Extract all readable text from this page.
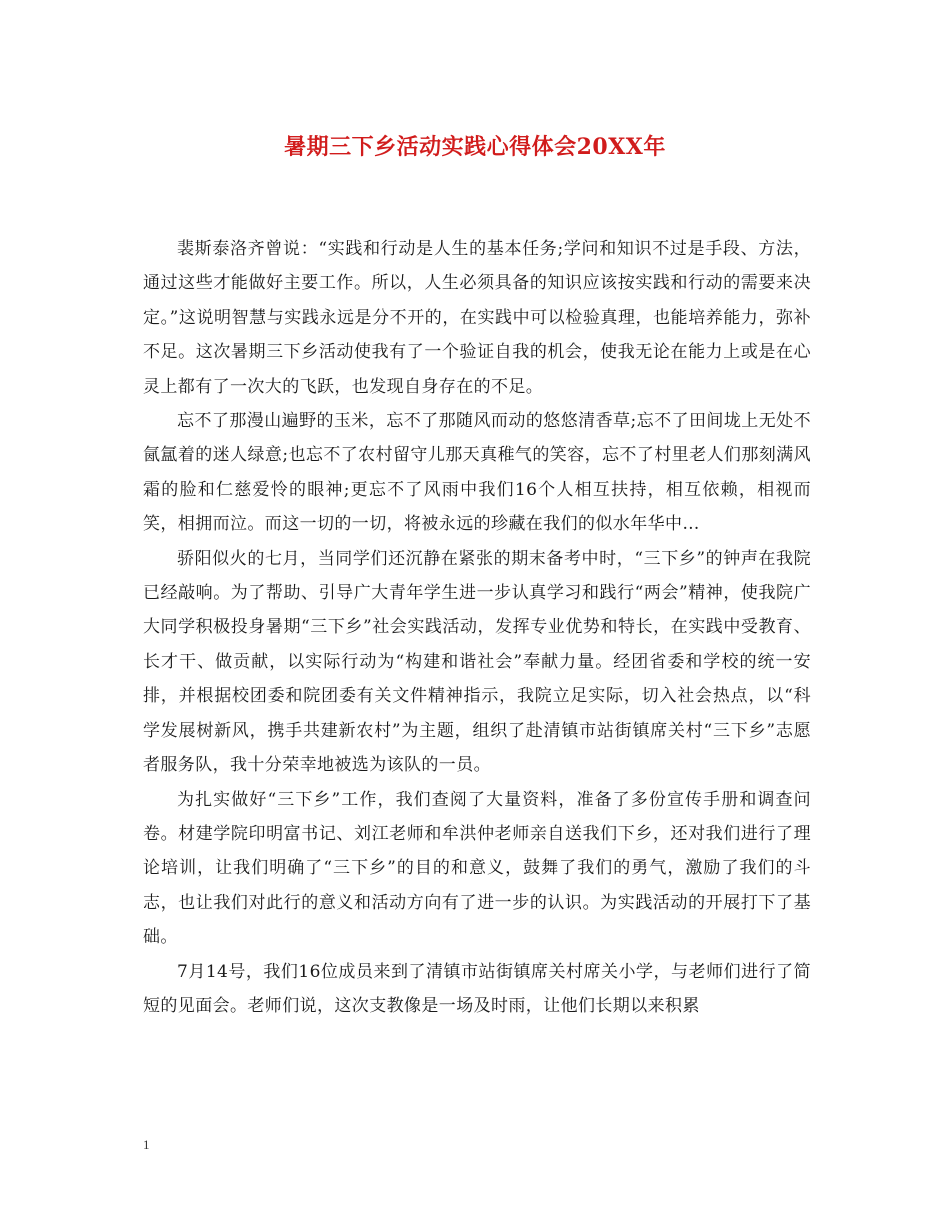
暑期三下乡活动实践心得体会20XX年

裴斯泰洛齐曾说：“实践和行动是人生的基本任务;学问和知识不过是手段、方法，通过这些才能做好主要工作。所以，人生必须具备的知识应该按实践和行动的需要来决定。”这说明智慧与实践永远是分不开的，在实践中可以检验真理，也能培养能力，弥补不足。这次暑期三下乡活动使我有了一个验证自我的机会，使我无论在能力上或是在心灵上都有了一次大的飞跃，也发现自身存在的不足。

忘不了那漫山遍野的玉米，忘不了那随风而动的悠悠清香草;忘不了田间垅上无处不氤氲着的迷人绿意;也忘不了农村留守儿那天真稚气的笑容，忘不了村里老人们那刻满风霜的脸和仁慈爱怜的眼神;更忘不了风雨中我们16个人相互扶持，相互依赖，相视而笑，相拥而泣。而这一切的一切，将被永远的珍藏在我们的似水年华中…

骄阳似火的七月，当同学们还沉静在紧张的期末备考中时，“三下乡”的钟声在我院已经敲响。为了帮助、引导广大青年学生进一步认真学习和践行“两会”精神，使我院广大同学积极投身暑期“三下乡”社会实践活动，发挥专业优势和特长，在实践中受教育、长才干、做贡献，以实际行动为“构建和谐社会”奉献力量。经团省委和学校的统一安排，并根据校团委和院团委有关文件精神指示，我院立足实际，切入社会热点，以“科学发展树新风，携手共建新农村”为主题，组织了赴清镇市站街镇席关村“三下乡”志愿者服务队，我十分荣幸地被选为该队的一员。

为扎实做好“三下乡”工作，我们查阅了大量资料，准备了多份宣传手册和调查问卷。材建学院印明富书记、刘江老师和牟洪仲老师亲自送我们下乡，还对我们进行了理论培训，让我们明确了“三下乡”的目的和意义，鼓舞了我们的勇气，激励了我们的斗志，也让我们对此行的意义和活动方向有了进一步的认识。为实践活动的开展打下了基础。

7月14号，我们16位成员来到了清镇市站街镇席关村席关小学，与老师们进行了简短的见面会。老师们说，这次支教像是一场及时雨，让他们长期以来积累

1
